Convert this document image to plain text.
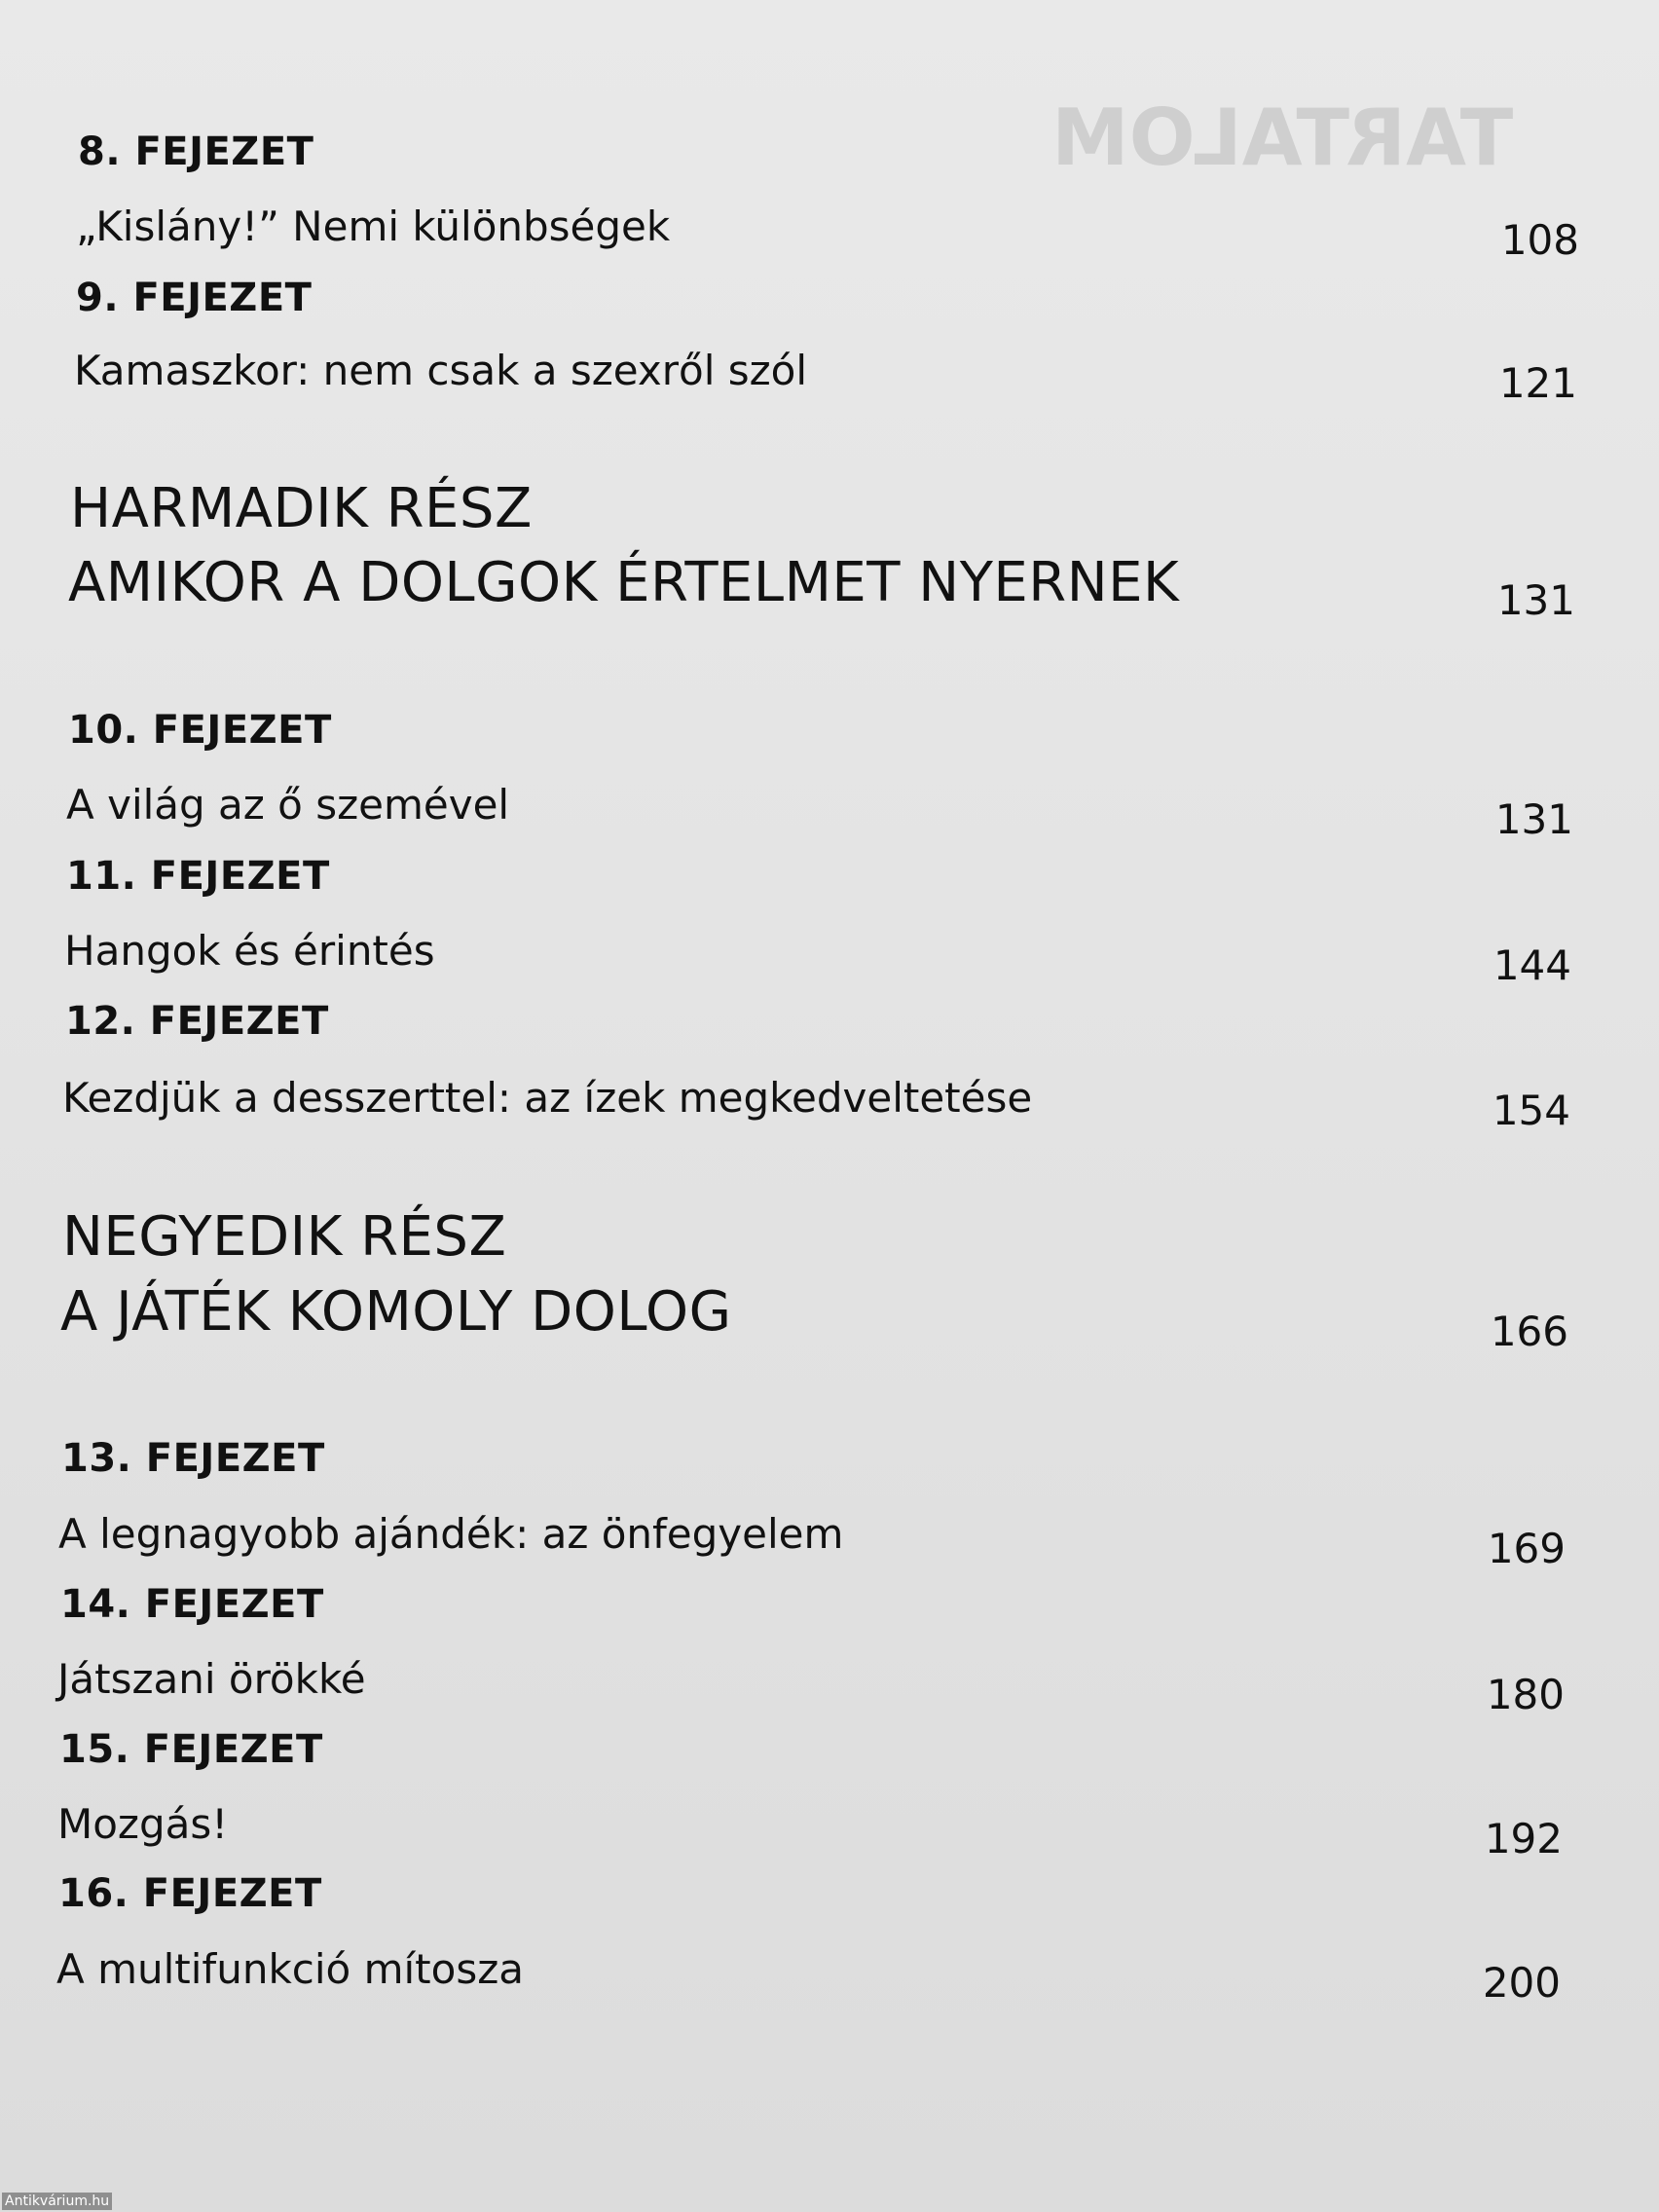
TARTALOM
8. FEJEZET
„Kislány!” Nemi különbségek	108
9. FEJEZET
Kamaszkor: nem csak a szexről szól	121
HARMADIK RÉSZ
AMIKOR A DOLGOK ÉRTELMET NYERNEK	131
10. FEJEZET
A világ az ő szemével	131
11. FEJEZET
Hangok és érintés	144
12. FEJEZET
Kezdjük a desszerttel: az ízek megkedveltetése	154
NEGYEDIK RÉSZ
A JÁTÉK KOMOLY DOLOG	166
13. FEJEZET
A legnagyobb ajándék: az önfegyelem	169
14. FEJEZET
Játszani örökké	180
15. FEJEZET
Mozgás!	192
16. FEJEZET
A multifunkció mítosza	200
Antikvárium.hu
